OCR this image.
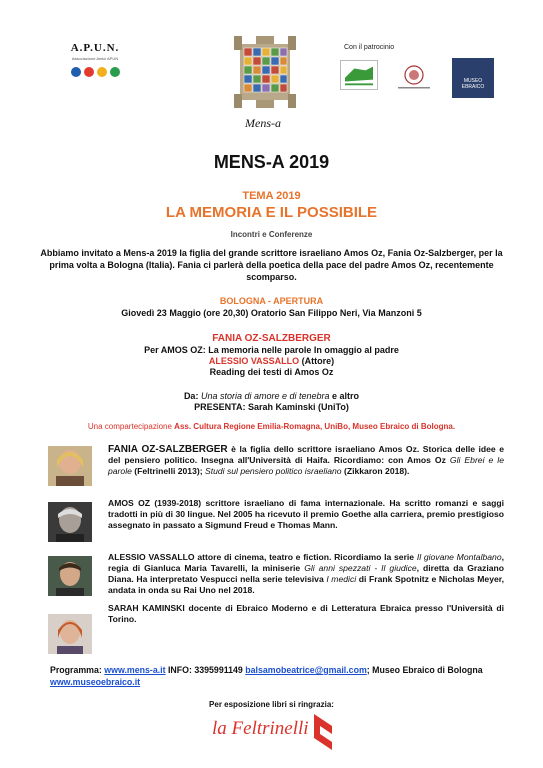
A.P.U.N.
Associazione Amici APUN
Mens-a
Con il patrocinio
MUSEO EBRAICO
MENS-A 2019
TEMA 2019
LA MEMORIA E IL POSSIBILE
Incontri e Conferenze
Abbiamo invitato a Mens-a 2019 la figlia del grande scrittore israeliano Amos Oz, Fania Oz-Salzberger, per la prima volta a Bologna (Italia). Fania ci parlerà della poetica della pace del padre Amos Oz, recentemente scomparso.
BOLOGNA - APERTURA
Giovedì 23 Maggio (ore 20,30) Oratorio San Filippo Neri, Via Manzoni 5
FANIA OZ-SALZBERGER
Per AMOS OZ: La memoria nelle parole In omaggio al padre
ALESSIO VASSALLO (Attore)
Reading dei testi di Amos Oz
Da: Una storia di amore e di tenebra e altro
PRESENTA: Sarah Kaminski (UniTo)
Una compartecipazione Ass. Cultura Regione Emilia-Romagna, UniBo, Museo Ebraico di Bologna.
FANIA OZ-SALZBERGER è la figlia dello scrittore israeliano Amos Oz. Storica delle idee e del pensiero politico. Insegna all'Università di Haifa. Ricordiamo: con Amos Oz Gli Ebrei e le parole (Feltrinelli 2013); Studi sul pensiero politico israeliano (Zikkaron 2018).
AMOS OZ (1939-2018) scrittore israeliano di fama internazionale. Ha scritto romanzi e saggi tradotti in più di 30 lingue. Nel 2005 ha ricevuto il premio Goethe alla carriera, premio prestigioso assegnato in passato a Sigmund Freud e Thomas Mann.
ALESSIO VASSALLO attore di cinema, teatro e fiction. Ricordiamo la serie Il giovane Montalbano, regia di Gianluca Maria Tavarelli, la miniserie Gli anni spezzati - Il giudice, diretta da Graziano Diana. Ha interpretato Vespucci nella serie televisiva I medici di Frank Spotnitz e Nicholas Meyer, andata in onda su Rai Uno nel 2018.
SARAH KAMINSKI docente di Ebraico Moderno e di Letteratura Ebraica presso l'Università di Torino.
Programma: www.mens-a.it INFO: 3395991149 balsamobeatrice@gmail.com; Museo Ebraico di Bologna www.museoebraico.it
Per esposizione libri si ringrazia:
la Feltrinelli
